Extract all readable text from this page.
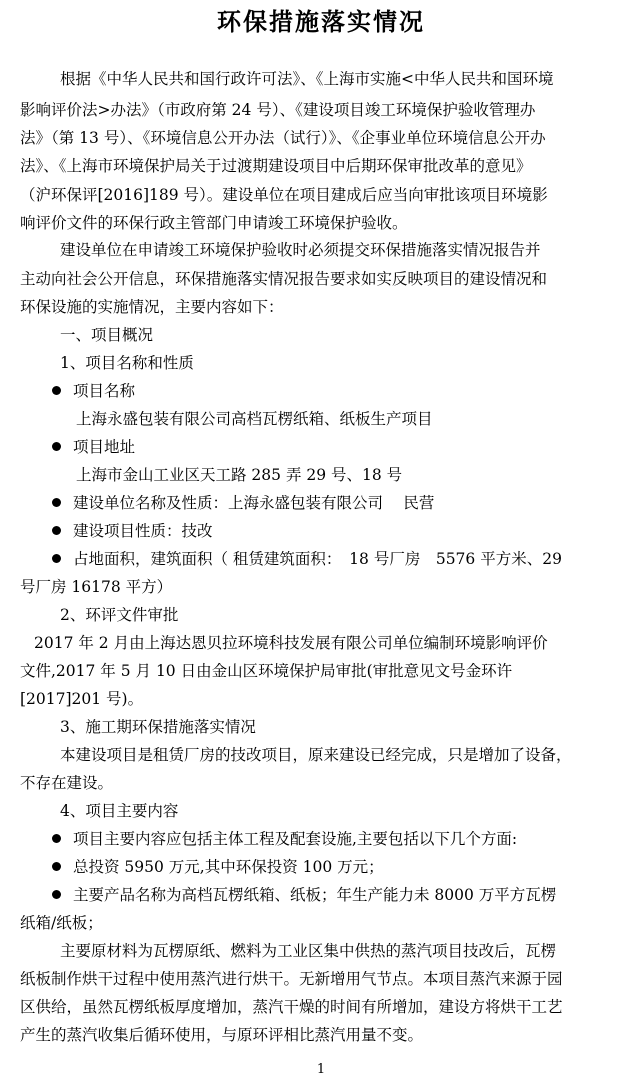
环保措施落实情况
根据《中华人民共和国行政许可法》、《上海市实施<中华人民共和国环境
影响评价法>办法》（市政府第 24 号）、《建设项目竣工环境保护验收管理办
法》（第 13 号）、《环境信息公开办法（试行）》、《企事业单位环境信息公开办
法》、《上海市环境保护局关于过渡期建设项目中后期环保审批改革的意见》
（沪环保评[2016]189 号）。建设单位在项目建成后应当向审批该项目环境影
响评价文件的环保行政主管部门申请竣工环境保护验收。
建设单位在申请竣工环境保护验收时必须提交环保措施落实情况报告并
主动向社会公开信息，环保措施落实情况报告要求如实反映项目的建设情况和
环保设施的实施情况，主要内容如下：
一、项目概况
1、项目名称和性质
项目名称
上海永盛包装有限公司高档瓦楞纸箱、纸板生产项目
项目地址
上海市金山工业区天工路 285 弄 29 号、18 号
建设单位名称及性质：上海永盛包装有限公司　 民营
建设项目性质：技改
占地面积，建筑面积（ 租赁建筑面积：　18 号厂房　5576 平方米、29
号厂房 16178 平方）
2、环评文件审批
2017 年 2 月由上海达恩贝拉环境科技发展有限公司单位编制环境影响评价
文件,2017 年 5 月 10 日由金山区环境保护局审批(审批意见文号金环许
[2017]201 号)。
3、施工期环保措施落实情况
本建设项目是租赁厂房的技改项目，原来建设已经完成，只是增加了设备，
不存在建设。
4、项目主要内容
项目主要内容应包括主体工程及配套设施,主要包括以下几个方面:
总投资 5950 万元,其中环保投资 100 万元；
主要产品名称为高档瓦楞纸箱、纸板；年生产能力未 8000 万平方瓦楞
纸箱/纸板；
主要原材料为瓦楞原纸、燃料为工业区集中供热的蒸汽项目技改后，瓦楞
纸板制作烘干过程中使用蒸汽进行烘干。无新增用气节点。本项目蒸汽来源于园
区供给，虽然瓦楞纸板厚度增加，蒸汽干燥的时间有所增加，建设方将烘干工艺
产生的蒸汽收集后循环使用，与原环评相比蒸汽用量不变。
1
